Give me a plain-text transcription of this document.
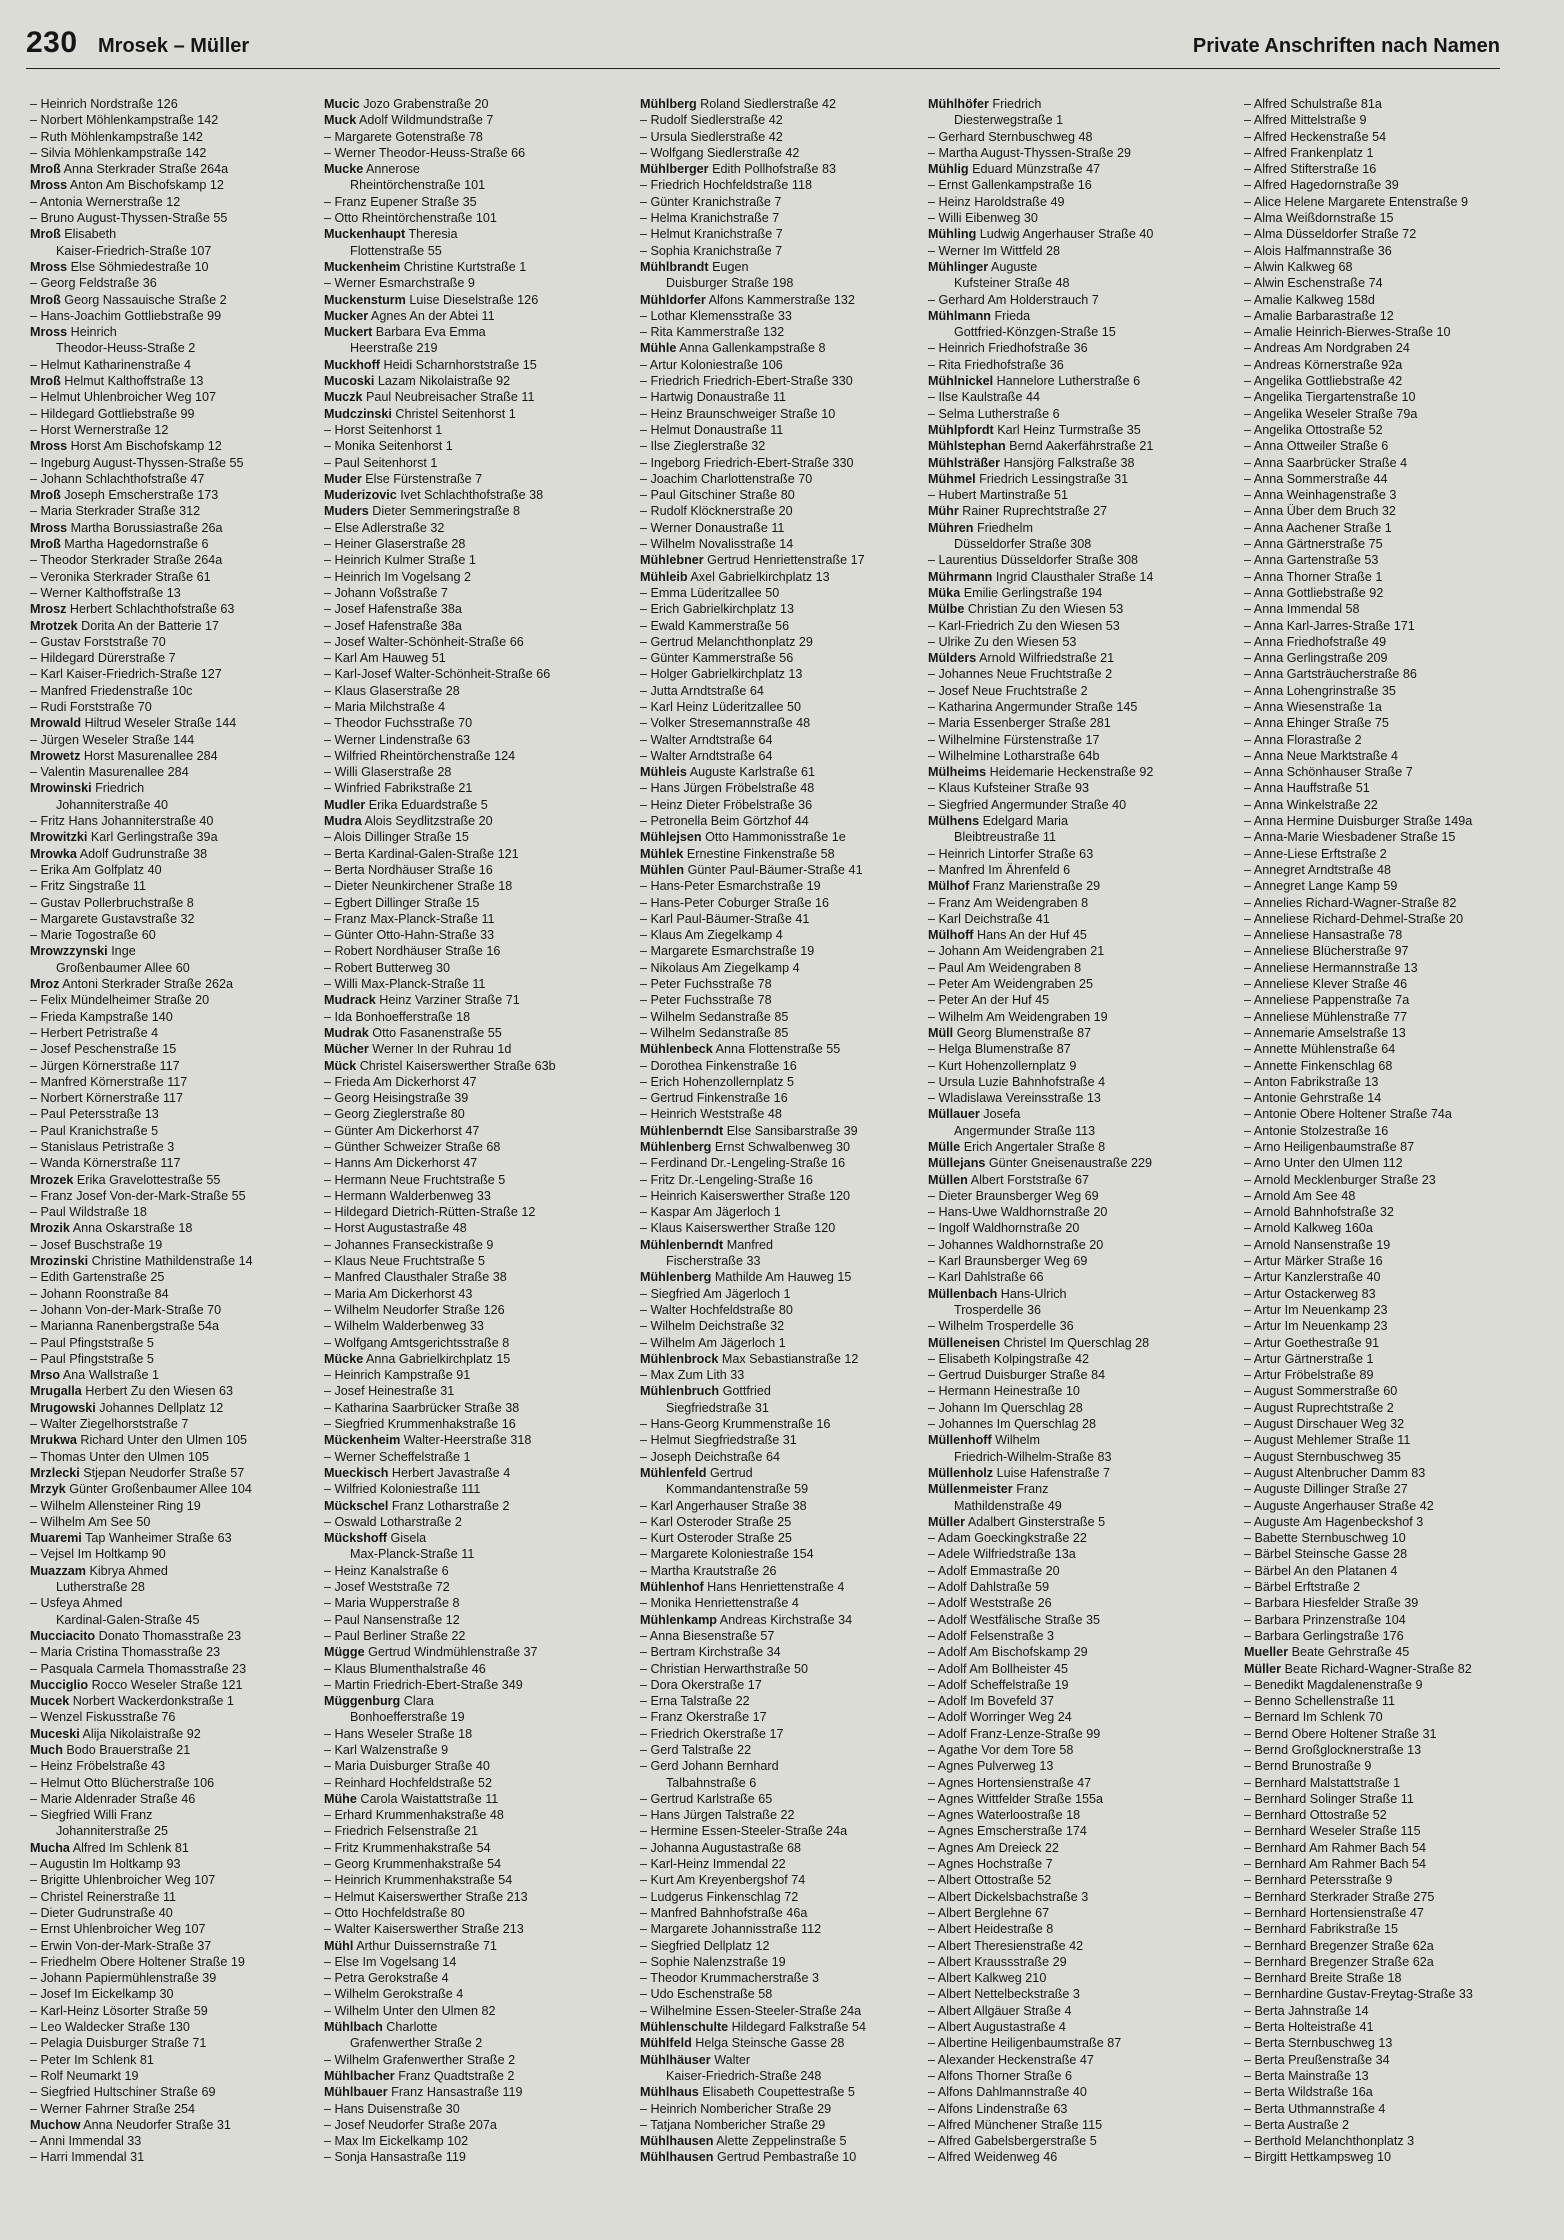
230 Mrosek – Müller	Private Anschriften nach Namen
– Heinrich Nordstraße 126
– Norbert Möhlenkampstraße 142
– Ruth Möhlenkampstraße 142
– Silvia Möhlenkampstraße 142
Mroß Anna Sterkrader Straße 264a
Mross Anton Am Bischofskamp 12
– Antonia Wernerstraße 12
– Bruno August-Thyssen-Straße 55
Mroß Elisabeth
Kaiser-Friedrich-Straße 107
Mross Else Söhmiedestraße 10
– Georg Feldstraße 36
Mroß Georg Nassauische Straße 2
– Hans-Joachim Gottliebstraße 99
Mross Heinrich
Theodor-Heuss-Straße 2
– Helmut Katharinenstraße 4
Mroß Helmut Kalthoffstraße 13
– Helmut Uhlenbroicher Weg 107
– Hildegard Gottliebstraße 99
– Horst Wernerstraße 12
Mross Horst Am Bischofskamp 12
– Ingeburg August-Thyssen-Straße 55
– Johann Schlachthofstraße 47
Mroß Joseph Emscherstraße 173
– Maria Sterkrader Straße 312
Mross Martha Borussiastraße 26a
Mroß Martha Hagedornstraße 6
– Theodor Sterkrader Straße 264a
– Veronika Sterkrader Straße 61
– Werner Kalthoffstraße 13
Mrosz Herbert Schlachthofstraße 63
Mrotzek Dorita An der Batterie 17
– Gustav Forststraße 70
– Hildegard Dürerstraße 7
– Karl Kaiser-Friedrich-Straße 127
– Manfred Friedenstraße 10c
– Rudi Forststraße 70
Mrowald Hiltrud Weseler Straße 144
– Jürgen Weseler Straße 144
Mrowetz Horst Masurenallee 284
– Valentin Masurenallee 284
Mrowinski Friedrich
Johanniterstraße 40
– Fritz Hans Johanniterstraße 40
Mrowitzki Karl Gerlingstraße 39a
Mrowka Adolf Gudrunstraße 38
– Erika Am Golfplatz 40
– Fritz Singstraße 11
– Gustav Pollerbruchstraße 8
– Margarete Gustavstraße 32
– Marie Togostraße 60
Mrowzzynski Inge
Großenbaumer Allee 60
Mroz Antoni Sterkrader Straße 262a
– Felix Mündelheimer Straße 20
– Frieda Kampstraße 140
– Herbert Petristraße 4
– Josef Peschenstraße 15
– Jürgen Körnerstraße 117
– Manfred Körnerstraße 117
– Norbert Körnerstraße 117
– Paul Petersstraße 13
– Paul Kranichstraße 5
– Stanislaus Petristraße 3
– Wanda Körnerstraße 117
Mrozek Erika Gravelottestraße 55
– Franz Josef Von-der-Mark-Straße 55
– Paul Wildstraße 18
Mrozik Anna Oskarstraße 18
– Josef Buschstraße 19
Mrozinski Christine Mathildenstraße 14
– Edith Gartenstraße 25
– Johann Roonstraße 84
– Johann Von-der-Mark-Straße 70
– Marianna Ranenbergstraße 54a
– Paul Pfingststraße 5
– Paul Pfingststraße 5
Mrso Ana Wallstraße 1
Mrugalla Herbert Zu den Wiesen 63
Mrugowski Johannes Dellplatz 12
– Walter Ziegelhorststraße 7
Mrukwa Richard Unter den Ulmen 105
– Thomas Unter den Ulmen 105
Mrzlecki Stjepan Neudorfer Straße 57
Mrzyk Günter Großenbaumer Allee 104
– Wilhelm Allensteiner Ring 19
– Wilhelm Am See 50
Muaremi Tap Wanheimer Straße 63
– Vejsel Im Holtkamp 90
Muazzam Kibrya Ahmed
Lutherstraße 28
– Usfeya Ahmed
Kardinal-Galen-Straße 45
Mucciacito Donato Thomasstraße 23
– Maria Cristina Thomasstraße 23
– Pasquala Carmela Thomasstraße 23
Mucciglio Rocco Weseler Straße 121
Mucek Norbert Wackerdonkstraße 1
– Wenzel Fiskusstraße 76
Muceski Alija Nikolaistraße 92
Much Bodo Brauerstraße 21
– Heinz Fröbelstraße 43
– Helmut Otto Blücherstraße 106
– Marie Aldenrader Straße 46
– Siegfried Willi Franz
Johanniterstraße 25
Mucha Alfred Im Schlenk 81
– Augustin Im Holtkamp 93
– Brigitte Uhlenbroicher Weg 107
– Christel Reinerstraße 11
– Dieter Gudrunstraße 40
– Ernst Uhlenbroicher Weg 107
– Erwin Von-der-Mark-Straße 37
– Friedhelm Obere Holtener Straße 19
– Johann Papiermühlenstraße 39
– Josef Im Eickelkamp 30
– Karl-Heinz Lösorter Straße 59
– Leo Waldecker Straße 130
– Pelagia Duisburger Straße 71
– Peter Im Schlenk 81
– Rolf Neumarkt 19
– Siegfried Hultschiner Straße 69
– Werner Fahrner Straße 254
Muchow Anna Neudorfer Straße 31
– Anni Immendal 33
– Harri Immendal 31
Mucic Jozo Grabenstraße 20
Muck Adolf Wildmundstraße 7
– Margarete Gotenstraße 78
– Werner Theodor-Heuss-Straße 66
Mucke Annerose
Rheintörchenstraße 101
– Franz Eupener Straße 35
– Otto Rheintörchenstraße 101
Muckenhaupt Theresia
Flottenstraße 55
Muckenheim Christine Kurtstraße 1
– Werner Esmarchstraße 9
Muckensturm Luise Dieselstraße 126
Mucker Agnes An der Abtei 11
Muckert Barbara Eva Emma
Heerstraße 219
Muckhoff Heidi Scharnhorststraße 15
Mucoski Lazam Nikolaistraße 92
Muczk Paul Neubreisacher Straße 11
Mudczinski Christel Seitenhorst 1
– Horst Seitenhorst 1
– Monika Seitenhorst 1
– Paul Seitenhorst 1
Muder Else Fürstenstraße 7
Muderizovic Ivet Schlachthofstraße 38
Muders Dieter Semmeringstraße 8
– Else Adlerstraße 32
– Heiner Glaserstraße 28
– Heinrich Kulmer Straße 1
– Heinrich Im Vogelsang 2
– Johann Voßstraße 7
– Josef Hafenstraße 38a
– Josef Hafenstraße 38a
– Josef Walter-Schönheit-Straße 66
– Karl Am Hauweg 51
– Karl-Josef Walter-Schönheit-Straße 66
– Klaus Glaserstraße 28
– Maria Milchstraße 4
– Theodor Fuchsstraße 70
– Werner Lindenstraße 63
– Wilfried Rheintörchenstraße 124
– Willi Glaserstraße 28
– Winfried Fabrikstraße 21
Mudler Erika Eduardstraße 5
Mudra Alois Seydlitzstraße 20
– Alois Dillinger Straße 15
– Berta Kardinal-Galen-Straße 121
– Berta Nordhäuser Straße 16
– Dieter Neunkirchener Straße 18
– Egbert Dillinger Straße 15
– Franz Max-Planck-Straße 11
– Günter Otto-Hahn-Straße 33
– Robert Nordhäuser Straße 16
– Robert Butterweg 30
– Willi Max-Planck-Straße 11
Mudrack Heinz Varziner Straße 71
– Ida Bonhoefferstraße 18
Mudrak Otto Fasanenstraße 55
Mücher Werner In der Ruhrau 1d
Mück Christel Kaiserswerther Straße 63b
– Frieda Am Dickerhorst 47
– Georg Heisingstraße 39
– Georg Zieglerstraße 80
– Günter Am Dickerhorst 47
– Günther Schweizer Straße 68
– Hanns Am Dickerhorst 47
– Hermann Neue Fruchtstraße 5
– Hermann Walderbenweg 33
– Hildegard Dietrich-Rütten-Straße 12
– Horst Augustastraße 48
– Johannes Franseckistraße 9
– Klaus Neue Fruchtstraße 5
– Manfred Clausthaler Straße 38
– Maria Am Dickerhorst 43
– Wilhelm Neudorfer Straße 126
– Wilhelm Walderbenweg 33
– Wolfgang Amtsgerichtsstraße 8
Mücke Anna Gabrielkirchplatz 15
– Heinrich Kampstraße 91
– Josef Heinestraße 31
– Katharina Saarbrücker Straße 38
– Siegfried Krummenhakstraße 16
Mückenheim Walter-Heerstraße 318
– Werner Scheffelstraße 1
Mueckisch Herbert Javastraße 4
– Wilfried Koloniestraße 111
Mückschel Franz Lotharstraße 2
– Oswald Lotharstraße 2
Mückshoff Gisela
Max-Planck-Straße 11
– Heinz Kanalstraße 6
– Josef Weststraße 72
– Maria Wupperstraße 8
– Paul Nansenstraße 12
– Paul Berliner Straße 22
Mügge Gertrud Windmühlenstraße 37
– Klaus Blumenthalstraße 46
– Martin Friedrich-Ebert-Straße 349
Müggenburg Clara
Bonhoefferstraße 19
– Hans Weseler Straße 18
– Karl Walzenstraße 9
– Maria Duisburger Straße 40
– Reinhard Hochfeldstraße 52
Mühe Carola Waistattstraße 11
– Erhard Krummenhakstraße 48
– Friedrich Felsenstraße 21
– Fritz Krummenhakstraße 54
– Georg Krummenhakstraße 54
– Heinrich Krummenhakstraße 54
– Helmut Kaiserswerther Straße 213
– Otto Hochfeldstraße 80
– Walter Kaiserswerther Straße 213
Mühl Arthur Duissernstraße 71
– Else Im Vogelsang 14
– Petra Gerokstraße 4
– Wilhelm Gerokstraße 4
– Wilhelm Unter den Ulmen 82
Mühlbach Charlotte
Grafenwerther Straße 2
– Wilhelm Grafenwerther Straße 2
Mühlbacher Franz Quadtstraße 2
Mühlbauer Franz Hansastraße 119
– Hans Duisenstraße 30
– Josef Neudorfer Straße 207a
– Max Im Eickelkamp 102
– Sonja Hansastraße 119
Mühlberg Roland Siedlerstraße 42
– Rudolf Siedlerstraße 42
– Ursula Siedlerstraße 42
– Wolfgang Siedlerstraße 42
Mühlberger Edith Pollhofstraße 83
– Friedrich Hochfeldstraße 118
– Günter Kranichstraße 7
– Helma Kranichstraße 7
– Helmut Kranichstraße 7
– Sophia Kranichstraße 7
Mühlbrandt Eugen
Duisburger Straße 198
Mühldorfer Alfons Kammerstraße 132
– Lothar Klemensstraße 33
– Rita Kammerstraße 132
Mühle Anna Gallenkampstraße 8
– Artur Koloniestraße 106
– Friedrich Friedrich-Ebert-Straße 330
– Hartwig Donaustraße 11
– Heinz Braunschweiger Straße 10
– Helmut Donaustraße 11
– Ilse Zieglerstraße 32
– Ingeborg Friedrich-Ebert-Straße 330
– Joachim Charlottenstraße 70
– Paul Gitschiner Straße 80
– Rudolf Klöcknerstraße 20
– Werner Donaustraße 11
– Wilhelm Novalisstraße 14
Mühlebner Gertrud Henriettenstraße 17
Mühleib Axel Gabrielkirchplatz 13
– Emma Lüderitzallee 50
– Erich Gabrielkirchplatz 13
– Ewald Kammerstraße 56
– Gertrud Melanchthonplatz 29
– Günter Kammerstraße 56
– Holger Gabrielkirchplatz 13
– Jutta Arndtstraße 64
– Karl Heinz Lüderitzallee 50
– Volker Stresemannstraße 48
– Walter Arndtstraße 64
– Walter Arndtstraße 64
Mühleis Auguste Karlstraße 61
– Hans Jürgen Fröbelstraße 48
– Heinz Dieter Fröbelstraße 36
– Petronella Beim Görtzhof 44
Mühlejsen Otto Hammonisstraße 1e
Mühlek Ernestine Finkenstraße 58
Mühlen Günter Paul-Bäumer-Straße 41
– Hans-Peter Esmarchstraße 19
– Hans-Peter Coburger Straße 16
– Karl Paul-Bäumer-Straße 41
– Klaus Am Ziegelkamp 4
– Margarete Esmarchstraße 19
– Nikolaus Am Ziegelkamp 4
– Peter Fuchsstraße 78
– Peter Fuchsstraße 78
– Wilhelm Sedanstraße 85
– Wilhelm Sedanstraße 85
Mühlenbeck Anna Flottenstraße 55
– Dorothea Finkenstraße 16
– Erich Hohenzollernplatz 5
– Gertrud Finkenstraße 16
– Heinrich Weststraße 48
Mühlenberndt Else Sansibarstraße 39
Mühlenberg Ernst Schwalbenweg 30
– Ferdinand Dr.-Lengeling-Straße 16
– Fritz Dr.-Lengeling-Straße 16
– Heinrich Kaiserswerther Straße 120
– Kaspar Am Jägerloch 1
– Klaus Kaiserswerther Straße 120
Mühlenberndt Manfred
Fischerstraße 33
Mühlenberg Mathilde Am Hauweg 15
– Siegfried Am Jägerloch 1
– Walter Hochfeldstraße 80
– Wilhelm Deichstraße 32
– Wilhelm Am Jägerloch 1
Mühlenbrock Max Sebastianstraße 12
– Max Zum Lith 33
Mühlenbruch Gottfried
Siegfriedstraße 31
– Hans-Georg Krummenstraße 16
– Helmut Siegfriedstraße 31
– Joseph Deichstraße 64
Mühlenfeld Gertrud
Kommandantenstraße 59
– Karl Angerhauser Straße 38
– Karl Osteroder Straße 25
– Kurt Osteroder Straße 25
– Margarete Koloniestraße 154
– Martha Krautstraße 26
Mühlenhof Hans Henriettenstraße 4
– Monika Henriettenstraße 4
Mühlenkamp Andreas Kirchstraße 34
– Anna Biesenstraße 57
– Bertram Kirchstraße 34
– Christian Herwarthstraße 50
– Dora Okerstraße 17
– Erna Talstraße 22
– Franz Okerstraße 17
– Friedrich Okerstraße 17
– Gerd Talstraße 22
– Gerd Johann Bernhard
Talbahnstraße 6
– Gertrud Karlstraße 65
– Hans Jürgen Talstraße 22
– Hermine Essen-Steeler-Straße 24a
– Johanna Augustastraße 68
– Karl-Heinz Immendal 22
– Kurt Am Kreyenbergshof 74
– Ludgerus Finkenschlag 72
– Manfred Bahnhofstraße 46a
– Margarete Johannisstraße 112
– Siegfried Dellplatz 12
– Sophie Nalenzstraße 19
– Theodor Krummacherstraße 3
– Udo Eschenstraße 58
– Wilhelmine Essen-Steeler-Straße 24a
Mühlenschulte Hildegard Falkstraße 54
Mühlfeld Helga Steinsche Gasse 28
Mühlhäuser Walter
Kaiser-Friedrich-Straße 248
Mühlhaus Elisabeth Coupettestraße 5
– Heinrich Nombericher Straße 29
– Tatjana Nombericher Straße 29
Mühlhausen Alette Zeppelinstraße 5
Mühlhausen Gertrud Pembastraße 10
Mühlhöfer Friedrich
Diesterwegstraße 1
– Gerhard Sternbuschweg 48
– Martha August-Thyssen-Straße 29
Mühlig Eduard Münzstraße 47
– Ernst Gallenkampstraße 16
– Heinz Haroldstraße 49
– Willi Eibenweg 30
Mühling Ludwig Angerhauser Straße 40
– Werner Im Wittfeld 28
Mühlinger Auguste
Kufsteiner Straße 48
– Gerhard Am Holderstrauch 7
Mühlmann Frieda
Gottfried-Könzgen-Straße 15
– Heinrich Friedhofstraße 36
– Rita Friedhofstraße 36
Mühlnickel Hannelore Lutherstraße 6
– Ilse Kaulstraße 44
– Selma Lutherstraße 6
Mühlpfordt Karl Heinz Turmstraße 35
Mühlstephan Bernd Aakerfährstraße 21
Mühlsträßer Hansjörg Falkstraße 38
Mühmel Friedrich Lessingstraße 31
– Hubert Martinstraße 51
Mühr Rainer Ruprechtstraße 27
Mühren Friedhelm
Düsseldorfer Straße 308
– Laurentius Düsseldorfer Straße 308
Mührmann Ingrid Clausthaler Straße 14
Müka Emilie Gerlingstraße 194
Mülbe Christian Zu den Wiesen 53
– Karl-Friedrich Zu den Wiesen 53
– Ulrike Zu den Wiesen 53
Mülders Arnold Wilfriedstraße 21
– Johannes Neue Fruchtstraße 2
– Josef Neue Fruchtstraße 2
– Katharina Angermunder Straße 145
– Maria Essenberger Straße 281
– Wilhelmine Fürstenstraße 17
– Wilhelmine Lotharstraße 64b
Mülheims Heidemarie Heckenstraße 92
– Klaus Kufsteiner Straße 93
– Siegfried Angermunder Straße 40
Mülhens Edelgard Maria
Bleibtreustraße 11
– Heinrich Lintorfer Straße 63
– Manfred Im Ährenfeld 6
Mülhof Franz Marienstraße 29
– Franz Am Weidengraben 8
– Karl Deichstraße 41
Mülhoff Hans An der Huf 45
– Johann Am Weidengraben 21
– Paul Am Weidengraben 8
– Peter Am Weidengraben 25
– Peter An der Huf 45
– Wilhelm Am Weidengraben 19
Müll Georg Blumenstraße 87
– Helga Blumenstraße 87
– Kurt Hohenzollernplatz 9
– Ursula Luzie Bahnhofstraße 4
– Wladislawa Vereinsstraße 13
Müllauer Josefa
Angermunder Straße 113
Mülle Erich Angertaler Straße 8
Müllejans Günter Gneisenaustraße 229
Müllen Albert Forststraße 67
– Dieter Braunsberger Weg 69
– Hans-Uwe Waldhornstraße 20
– Ingolf Waldhornstraße 20
– Johannes Waldhornstraße 20
– Karl Braunsberger Weg 69
– Karl Dahlstraße 66
Müllenbach Hans-Ulrich
Trosperdelle 36
– Wilhelm Trosperdelle 36
Mülleneisen Christel Im Querschlag 28
– Elisabeth Kolpingstraße 42
– Gertrud Duisburger Straße 84
– Hermann Heinestraße 10
– Johann Im Querschlag 28
– Johannes Im Querschlag 28
Müllenhoff Wilhelm
Friedrich-Wilhelm-Straße 83
Müllenholz Luise Hafenstraße 7
Müllenmeister Franz
Mathildenstraße 49
Müller Adalbert Ginsterstraße 5
– Adam Goeckingkstraße 22
– Adele Wilfriedstraße 13a
– Adolf Emmastraße 20
– Adolf Dahlstraße 59
– Adolf Weststraße 26
– Adolf Westfälische Straße 35
– Adolf Felsenstraße 3
– Adolf Am Bischofskamp 29
– Adolf Am Bollheister 45
– Adolf Scheffelstraße 19
– Adolf Im Bovefeld 37
– Adolf Worringer Weg 24
– Adolf Franz-Lenze-Straße 99
– Agathe Vor dem Tore 58
– Agnes Pulverweg 13
– Agnes Hortensienstraße 47
– Agnes Wittfelder Straße 155a
– Agnes Waterloostraße 18
– Agnes Emscherstraße 174
– Agnes Am Dreieck 22
– Agnes Hochstraße 7
– Albert Ottostraße 52
– Albert Dickelsbachstraße 3
– Albert Berglehne 67
– Albert Heidestraße 8
– Albert Theresienstraße 42
– Albert Kraussstraße 29
– Albert Kalkweg 210
– Albert Nettelbeckstraße 3
– Albert Allgäuer Straße 4
– Albert Augustastraße 4
– Albertine Heiligenbaumstraße 87
– Alexander Heckenstraße 47
– Alfons Thorner Straße 6
– Alfons Dahlmannstraße 40
– Alfons Lindenstraße 63
– Alfred Münchener Straße 115
– Alfred Gabelsbergerstraße 5
– Alfred Weidenweg 46
– Alfred Schulstraße 81a
– Alfred Mittelstraße 9
– Alfred Heckenstraße 54
– Alfred Frankenplatz 1
– Alfred Stifterstraße 16
– Alfred Hagedornstraße 39
– Alice Helene Margarete Entenstraße 9
– Alma Weißdornstraße 15
– Alma Düsseldorfer Straße 72
– Alois Halfmannstraße 36
– Alwin Kalkweg 68
– Alwin Eschenstraße 74
– Amalie Kalkweg 158d
– Amalie Barbarastraße 12
– Amalie Heinrich-Bierwes-Straße 10
– Andreas Am Nordgraben 24
– Andreas Körnerstraße 92a
– Angelika Gottliebstraße 42
– Angelika Tiergartenstraße 10
– Angelika Weseler Straße 79a
– Angelika Ottostraße 52
– Anna Ottweiler Straße 6
– Anna Saarbrücker Straße 4
– Anna Sommerstraße 44
– Anna Weinhagenstraße 3
– Anna Über dem Bruch 32
– Anna Aachener Straße 1
– Anna Gärtnerstraße 75
– Anna Gartenstraße 53
– Anna Thorner Straße 1
– Anna Gottliebstraße 92
– Anna Immendal 58
– Anna Karl-Jarres-Straße 171
– Anna Friedhofstraße 49
– Anna Gerlingstraße 209
– Anna Gartsträucherstraße 86
– Anna Lohengrinstraße 35
– Anna Wiesenstraße 1a
– Anna Ehinger Straße 75
– Anna Florastraße 2
– Anna Neue Marktstraße 4
– Anna Schönhauser Straße 7
– Anna Hauffstraße 51
– Anna Winkelstraße 22
– Anna Hermine Duisburger Straße 149a
– Anna-Marie Wiesbadener Straße 15
– Anne-Liese Erftstraße 2
– Annegret Arndtstraße 48
– Annegret Lange Kamp 59
– Annelies Richard-Wagner-Straße 82
– Anneliese Richard-Dehmel-Straße 20
– Anneliese Hansastraße 78
– Anneliese Blücherstraße 97
– Anneliese Hermannstraße 13
– Anneliese Klever Straße 46
– Anneliese Pappenstraße 7a
– Anneliese Mühlenstraße 77
– Annemarie Amselstraße 13
– Annette Mühlenstraße 64
– Annette Finkenschlag 68
– Anton Fabrikstraße 13
– Antonie Gehrstraße 14
– Antonie Obere Holtener Straße 74a
– Antonie Stolzestraße 16
– Arno Heiligenbaumstraße 87
– Arno Unter den Ulmen 112
– Arnold Mecklenburger Straße 23
– Arnold Am See 48
– Arnold Bahnhofstraße 32
– Arnold Kalkweg 160a
– Arnold Nansenstraße 19
– Artur Märker Straße 16
– Artur Kanzlerstraße 40
– Artur Ostackerweg 83
– Artur Im Neuenkamp 23
– Artur Im Neuenkamp 23
– Artur Goethestraße 91
– Artur Gärtnerstraße 1
– Artur Fröbelstraße 89
– August Sommerstraße 60
– August Ruprechtstraße 2
– August Dirschauer Weg 32
– August Mehlemer Straße 11
– August Sternbuschweg 35
– August Altenbrucher Damm 83
– Auguste Dillinger Straße 27
– Auguste Angerhauser Straße 42
– Auguste Am Hagenbeckshof 3
– Babette Sternbuschweg 10
– Bärbel Steinsche Gasse 28
– Bärbel An den Platanen 4
– Bärbel Erftstraße 2
– Barbara Hiesfelder Straße 39
– Barbara Prinzenstraße 104
– Barbara Gerlingstraße 176
Mueller Beate Gehrstraße 45
Müller Beate Richard-Wagner-Straße 82
– Benedikt Magdalenenstraße 9
– Benno Schellenstraße 11
– Bernard Im Schlenk 70
– Bernd Obere Holtener Straße 31
– Bernd Großglocknerstraße 13
– Bernd Brunostraße 9
– Bernhard Malstattstraße 1
– Bernhard Solinger Straße 11
– Bernhard Ottostraße 52
– Bernhard Weseler Straße 115
– Bernhard Am Rahmer Bach 54
– Bernhard Am Rahmer Bach 54
– Bernhard Petersstraße 9
– Bernhard Sterkrader Straße 275
– Bernhard Hortensienstraße 47
– Bernhard Fabrikstraße 15
– Bernhard Bregenzer Straße 62a
– Bernhard Bregenzer Straße 62a
– Bernhard Breite Straße 18
– Bernhardine Gustav-Freytag-Straße 33
– Berta Jahnstraße 14
– Berta Holteistraße 41
– Berta Sternbuschweg 13
– Berta Preußenstraße 34
– Berta Mainstraße 13
– Berta Wildstraße 16a
– Berta Uthmannstraße 4
– Berta Austraße 2
– Berthold Melanchthonplatz 3
– Birgitt Hettkampsweg 10
